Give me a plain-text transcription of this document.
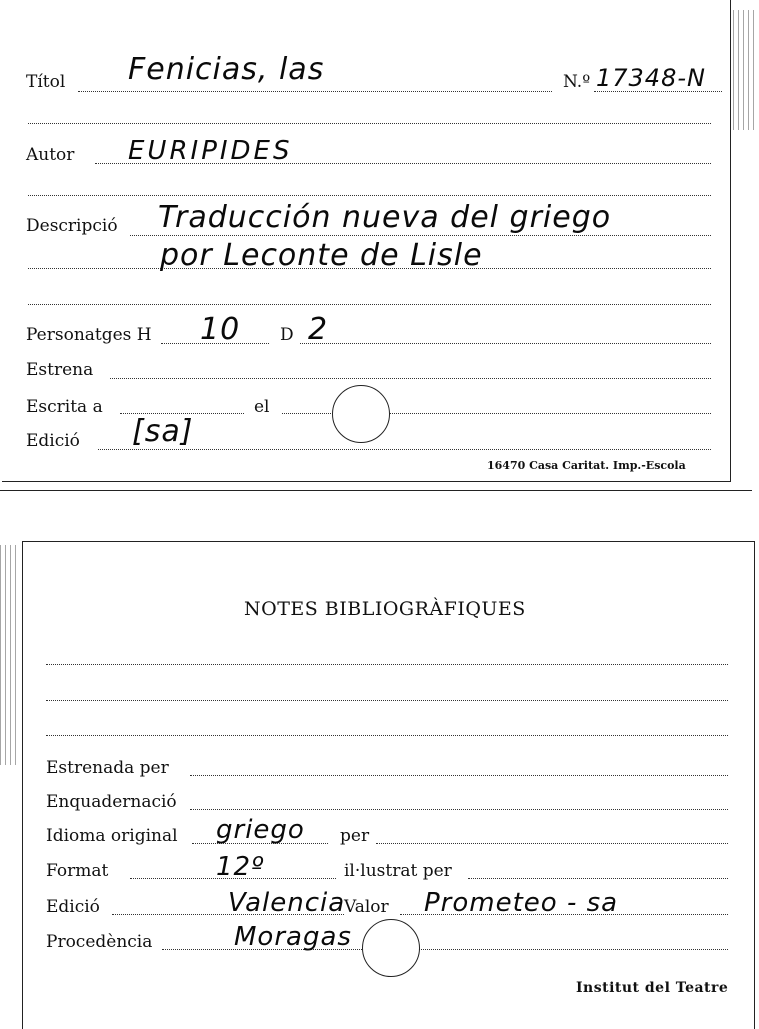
Títol Fenicias, las	N.º 17348-N
Autor EURIPIDES
Descripció Traducción nueva del griego
por Leconte de Lisle
Personatges H 10 D 2
Estrena
Escrita a	el
Edició [sa]
16470 Casa Caritat. Imp.-Escola
NOTES BIBLIOGRÀFIQUES
Estrenada per
Enquadernació
Idioma original griego per
Format	12º	il·lustrat per
Edició	Valencia
Valor Prometeo - sa
Procedència	Moragas
Institut del Teatre
